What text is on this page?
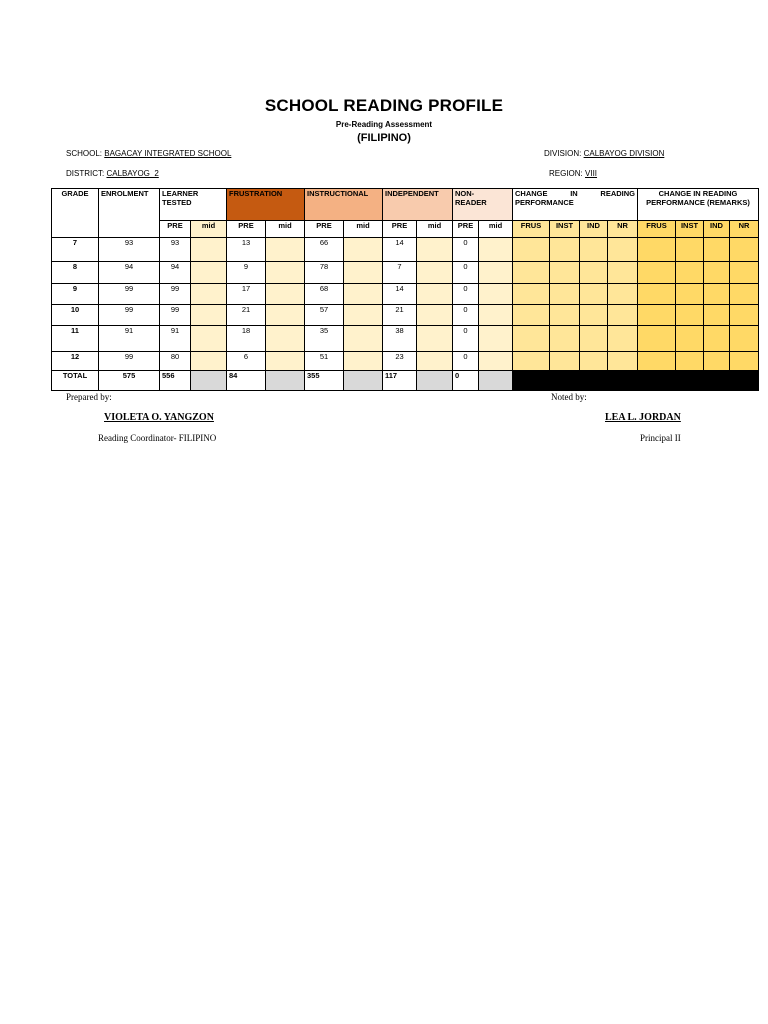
SCHOOL READING PROFILE
Pre-Reading Assessment
(FILIPINO)
SCHOOL: BAGACAY INTEGRATED SCHOOL	DIVISION: CALBAYOG DIVISION
DISTRICT: CALBAYOG  2	REGION: VIII
GRADE	ENROLMENT	LEARNER TESTED		FRUSTRATION		INSTRUCTIONAL		INDEPENDENT		NON-READER		CHANGE IN READING PERFORMANCE				CHANGE IN READING PERFORMANCE (REMARKS)			
		PRE	mid	PRE	mid	PRE	mid	PRE	mid	PRE	mid	FRUS	INST	IND	NR	FRUS	INST	IND	NR
7	93	93		13		66		14		0									
8	94	94		9		78		7		0									
9	99	99		17		68		14		0									
10	99	99		21		57		21		0									
11	91	91		18		35		38		0									
12	99	80		6		51		23		0									
TOTAL	575	556		84		355		117		0									
Prepared by:
VIOLETA O. YANGZON
Reading Coordinator- FILIPINO
Noted by:
LEA L. JORDAN
Principal II
